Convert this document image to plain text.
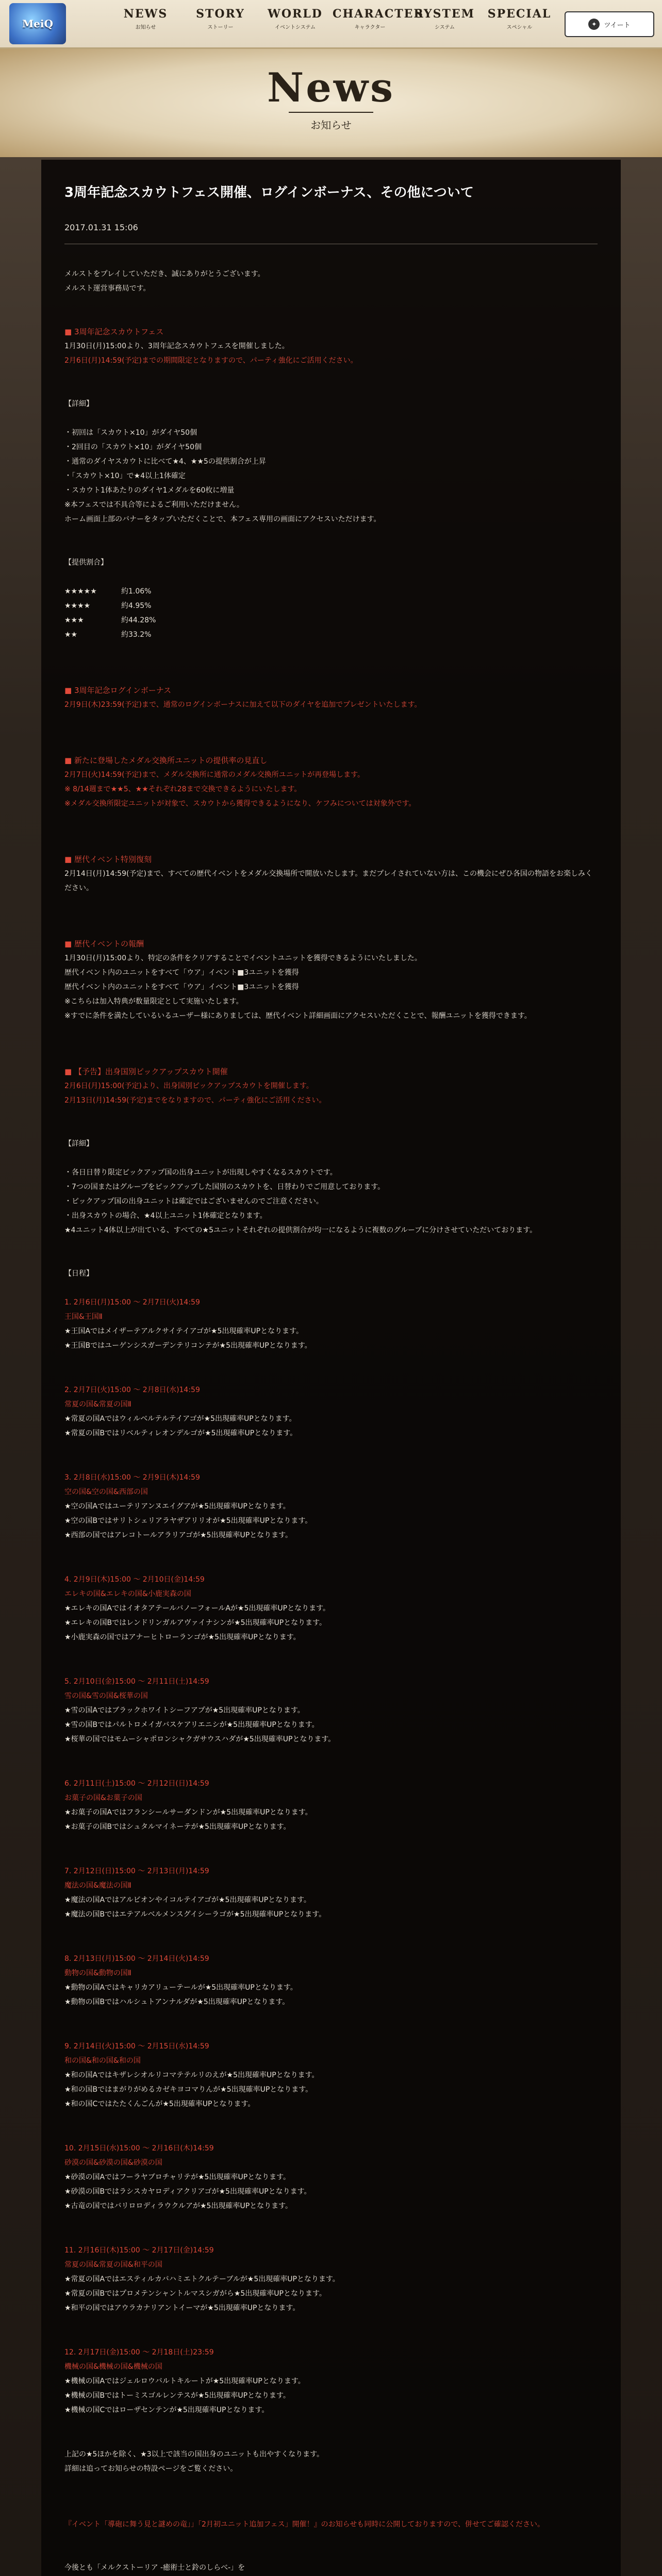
MeiQ
NEWS
お知らせ
STORY
ストーリー
WORLD
イベントシステム
CHARACTER
キャラクター
SYSTEM
システム
SPECIAL
スペシャル	✦	ツイート
News
お知らせ
3周年記念スカウトフェス開催、ログインボーナス、その他について
2017.01.31 15:06

メルストをプレイしていただき、誠にありがとうございます。

メルスト運営事務局です。

■ 3周年記念スカウトフェス

1月30日(月)15:00より、3周年記念スカウトフェスを開催しました。

2月6日(月)14:59(予定)までの期間限定となりますので、パーティ強化にご活用ください。

【詳細】

・初回は「スカウト×10」がダイヤ50個

・2回目の「スカウト×10」がダイヤ50個

・通常のダイヤスカウトに比べて★4、★★5の提供割合が上昇

・「スカウト×10」で★4以上1体確定

・スカウト1体あたりのダイヤ1メダルを60枚に増量

※本フェスでは不具合等によるご利用いただけません。

ホーム画面上部のバナーをタップいただくことで、本フェス専用の画面にアクセスいただけます。

【提供割合】

★★★★★	約1.06%
★★★★	約4.95%
★★★	約44.28%
★★	約33.2%
■ 3周年記念ログインボーナス

2月9日(木)23:59(予定)まで、通常のログインボーナスに加えて以下のダイヤを追加でプレゼントいたします。

■ 新たに登場したメダル交換所ユニットの提供率の見直し

2月7日(火)14:59(予定)まで、メダル交換所に通常のメダル交換所ユニットが再登場します。

※ 8/14週まで★★5、★★それぞれ28まで交換できるようにいたします。

※メダル交換所限定ユニットが対象で、スカウトから獲得できるようになり、ケフみについては対象外です。

■ 歴代イベント特別復刻

2月14日(月)14:59(予定)まで、すべての歴代イベントをメダル交換場所で開放いたします。まだプレイされていない方は、この機会にぜひ各国の物語をお楽しみください。

■ 歴代イベントの報酬

1月30日(月)15:00より、特定の条件をクリアすることでイベントユニットを獲得できるようにいたしました。

歴代イベント内のユニットをすべて「ウア」イベント■3ユニットを獲得

歴代イベント内のユニットをすべて「ウア」イベント■3ユニットを獲得

※こちらは加入特典が数量限定として実施いたします。

※すでに条件を満たしているいるユーザー様にありましては、歴代イベント詳細画面にアクセスいただくことで、報酬ユニットを獲得できます。

■ 【予告】出身国別ピックアップスカウト開催

2月6日(月)15:00(予定)より、出身国別ピックアップスカウトを開催します。

2月13日(月)14:59(予定)までをなりますので、パーティ強化にご活用ください。

【詳細】

・各日日替り限定ピックアップ国の出身ユニットが出現しやすくなるスカウトです。

・7つの国またはグループをピックアップした国別のスカウトを、日替わりでご用意しております。

・ピックアップ国の出身ユニットは確定ではございませんのでご注意ください。

・出身スカウトの場合、★4以上ユニット1体確定となります。

★4ユニット4体以上が出ている、すべての★5ユニットそれぞれの提供割合が均一になるように複数のグループに分けさせていただいております。

【日程】

1. 2月6日(月)15:00 ～ 2月7日(火)14:59

王国&王国Ⅱ

★王国Aではメイザーテアルクサイテイアゴが★5出現確率UPとなります。

★王国Bではユーゲンシスガーデンテリコンテが★5出現確率UPとなります。

2. 2月7日(火)15:00 ～ 2月8日(水)14:59

常夏の国&常夏の国Ⅱ

★常夏の国Aではウィルベルテルテイアゴが★5出現確率UPとなります。

★常夏の国Bではリベルティレオンデルゴが★5出現確率UPとなります。

3. 2月8日(水)15:00 ～ 2月9日(木)14:59

空の国&空の国&西部の国

★空の国Aではユーテリアンヌエイグアが★5出現確率UPとなります。

★空の国Bではサリトシェリアラヤザアリリオが★5出現確率UPとなります。

★西部の国ではアレコトールアラリアゴが★5出現確率UPとなります。

4. 2月9日(木)15:00 ～ 2月10日(金)14:59

エレキの国&エレキの国&小鹿実森の国

★エレキの国AではイオタアテールバノーフォールAが★5出現確率UPとなります。

★エレキの国Bではレンドリンガルアヴァイナシンが★5出現確率UPとなります。

★小鹿実森の国ではアナーヒトローランゴが★5出現確率UPとなります。

5. 2月10日(金)15:00 ～ 2月11日(土)14:59

雪の国&雪の国&桜華の国

★雪の国Aではブラックホワイトシーフアプが★5出現確率UPとなります。

★雪の国Bではパルトロメイガバスケアリエニシが★5出現確率UPとなります。

★桜華の国ではモムーシャポロンシャクガサウスハダが★5出現確率UPとなります。

6. 2月11日(土)15:00 ～ 2月12日(日)14:59

お菓子の国&お菓子の国

★お菓子の国Aではフランシールサーダンドンが★5出現確率UPとなります。

★お菓子の国Bではシュタルマイネーテが★5出現確率UPとなります。

7. 2月12日(日)15:00 ～ 2月13日(月)14:59

魔法の国&魔法の国Ⅱ

★魔法の国Aではアルビオンやイコルテイアゴが★5出現確率UPとなります。

★魔法の国Bではエテアルベルメンスグイシーラゴが★5出現確率UPとなります。

8. 2月13日(月)15:00 ～ 2月14日(火)14:59

動物の国&動物の国Ⅱ

★動物の国Aではキャリカアリューテールが★5出現確率UPとなります。

★動物の国Bではハルシュトアンナルダが★5出現確率UPとなります。

9. 2月14日(火)15:00 ～ 2月15日(水)14:59

和の国&和の国&和の国

★和の国Aではキザレシオルリコマテテルリのえが★5出現確率UPとなります。

★和の国Bではまがりがめるカゼキヨコマりんが★5出現確率UPとなります。

★和の国Cではたたくんごんが★5出現確率UPとなります。

10. 2月15日(水)15:00 ～ 2月16日(木)14:59

砂漠の国&砂漠の国&砂漠の国

★砂漠の国Aではフーラヤブロチャリテが★5出現確率UPとなります。

★砂漠の国Bではラシスカヤロディアクリアゴが★5出現確率UPとなります。

★古竜の国ではバリロロディラウクルアが★5出現確率UPとなります。

11. 2月16日(木)15:00 ～ 2月17日(金)14:59

常夏の国&常夏の国&和平の国

★常夏の国Aではエスティルカバハミエトクルテーブルが★5出現確率UPとなります。

★常夏の国Bではプロメテンシャントルマスシガがら★5出現確率UPとなります。

★和平の国ではアウラカナリアントイーマが★5出現確率UPとなります。

12. 2月17日(金)15:00 ～ 2月18日(土)23:59

機械の国&機械の国&機械の国

★機械の国Aではジェルロウバルトキルートが★5出現確率UPとなります。

★機械の国Bではトーミスゴルレンテスが★5出現確率UPとなります。

★機械の国Cではローザセンテンが★5出現確率UPとなります。

上記の★5ほかを除く、★3以上で該当の国出身のユニットも出やすくなります。

詳細は追ってお知らせの特設ページをご覧ください。

『イベント「導砲に舞う見と謎めの竜」」「2月初ユニット追加フェス」開催！』のお知らせも同時に公開しておりますので、併せてご確認ください。

今後とも「メルクストーリア -癒術士と鈴のしらべ-」を
